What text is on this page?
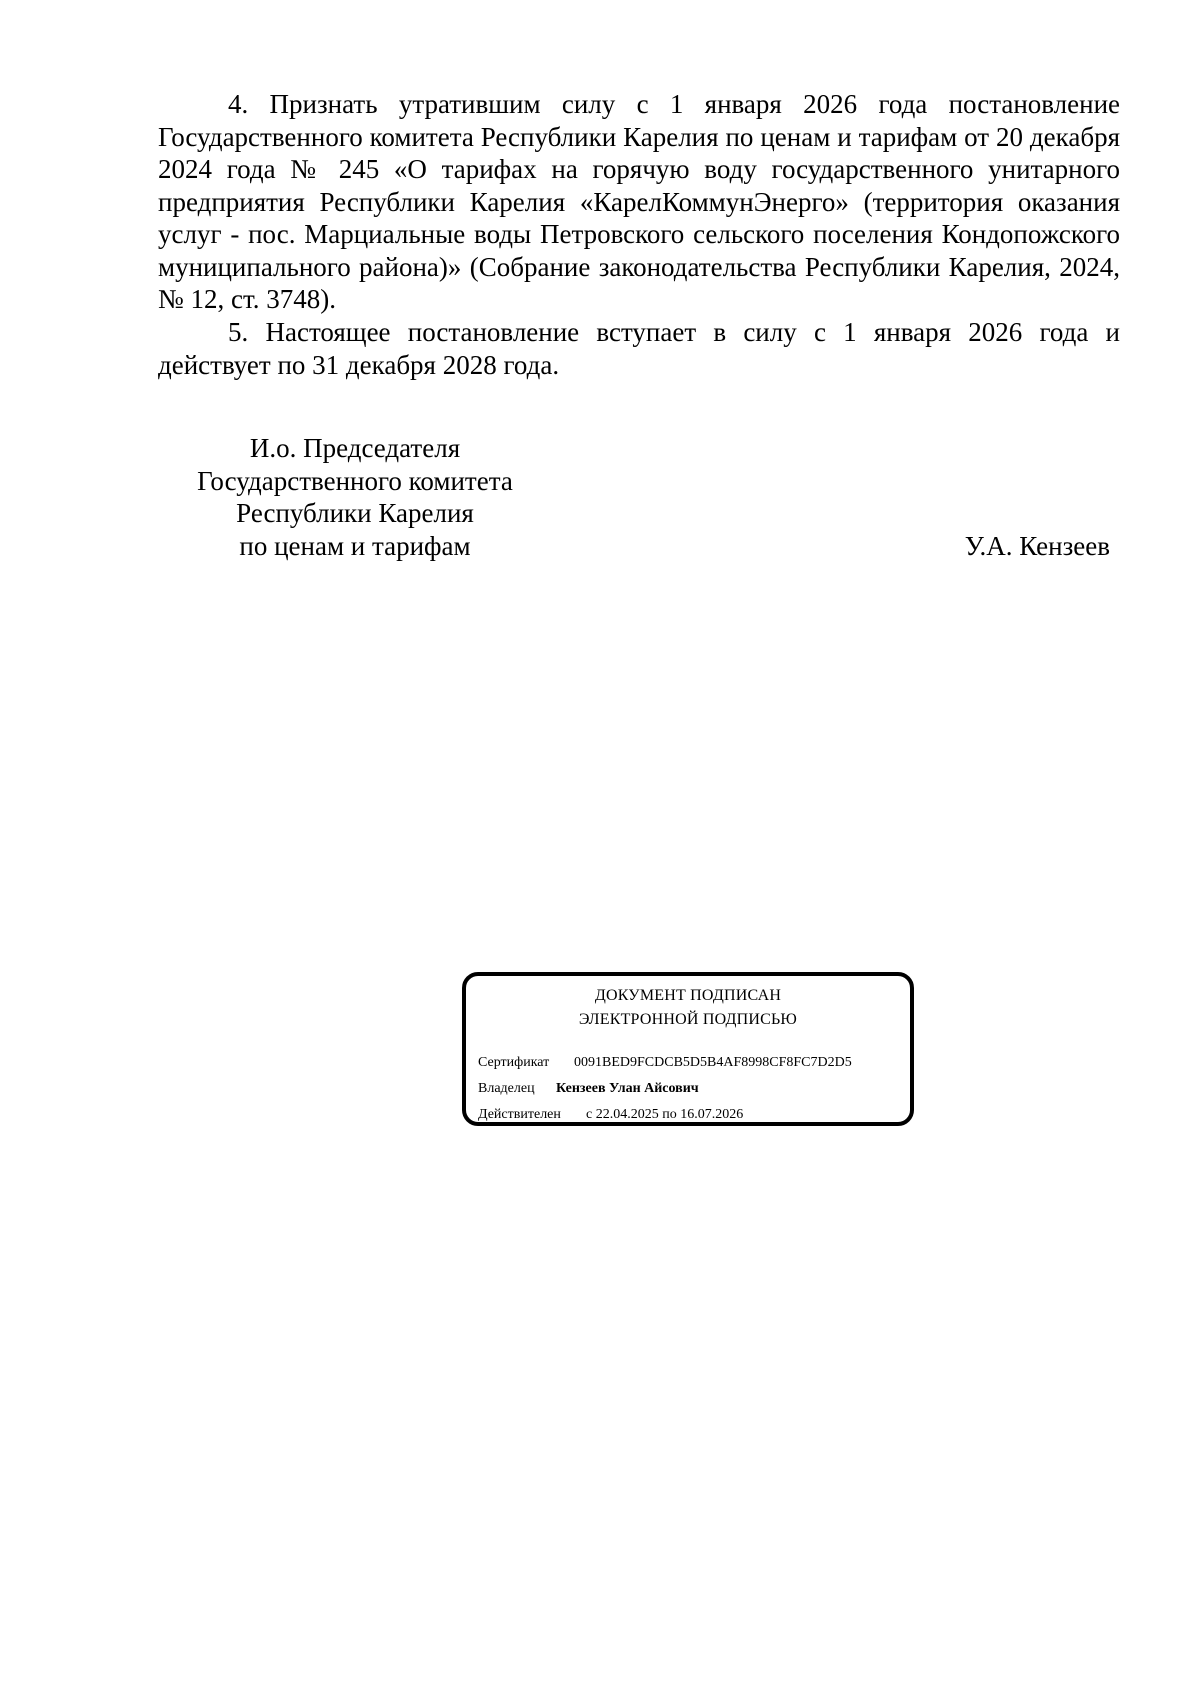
4. Признать утратившим силу с 1 января 2026 года постановление Государственного комитета Республики Карелия по ценам и тарифам от 20 декабря 2024 года № 245 «О тарифах на горячую воду государственного унитарного предприятия Республики Карелия «КарелКоммунЭнерго» (территория оказания услуг - пос. Марциальные воды Петровского сельского поселения Кондопожского муниципального района)» (Собрание законодательства Республики Карелия, 2024, № 12, ст. 3748).

5. Настоящее постановление вступает в силу с 1 января 2026 года и действует по 31 декабря 2028 года.

И.о. Председателя
Государственного комитета
Республики Карелия
по ценам и тарифам	У.А. Кензеев
ДОКУМЕНТ ПОДПИСАН
ЭЛЕКТРОННОЙ ПОДПИСЬЮ
Сертификат 0091BED9FCDCB5D5B4AF8998CF8FC7D2D5
Владелец Кензеев Улан Айсович
Действителен с 22.04.2025 по 16.07.2026
